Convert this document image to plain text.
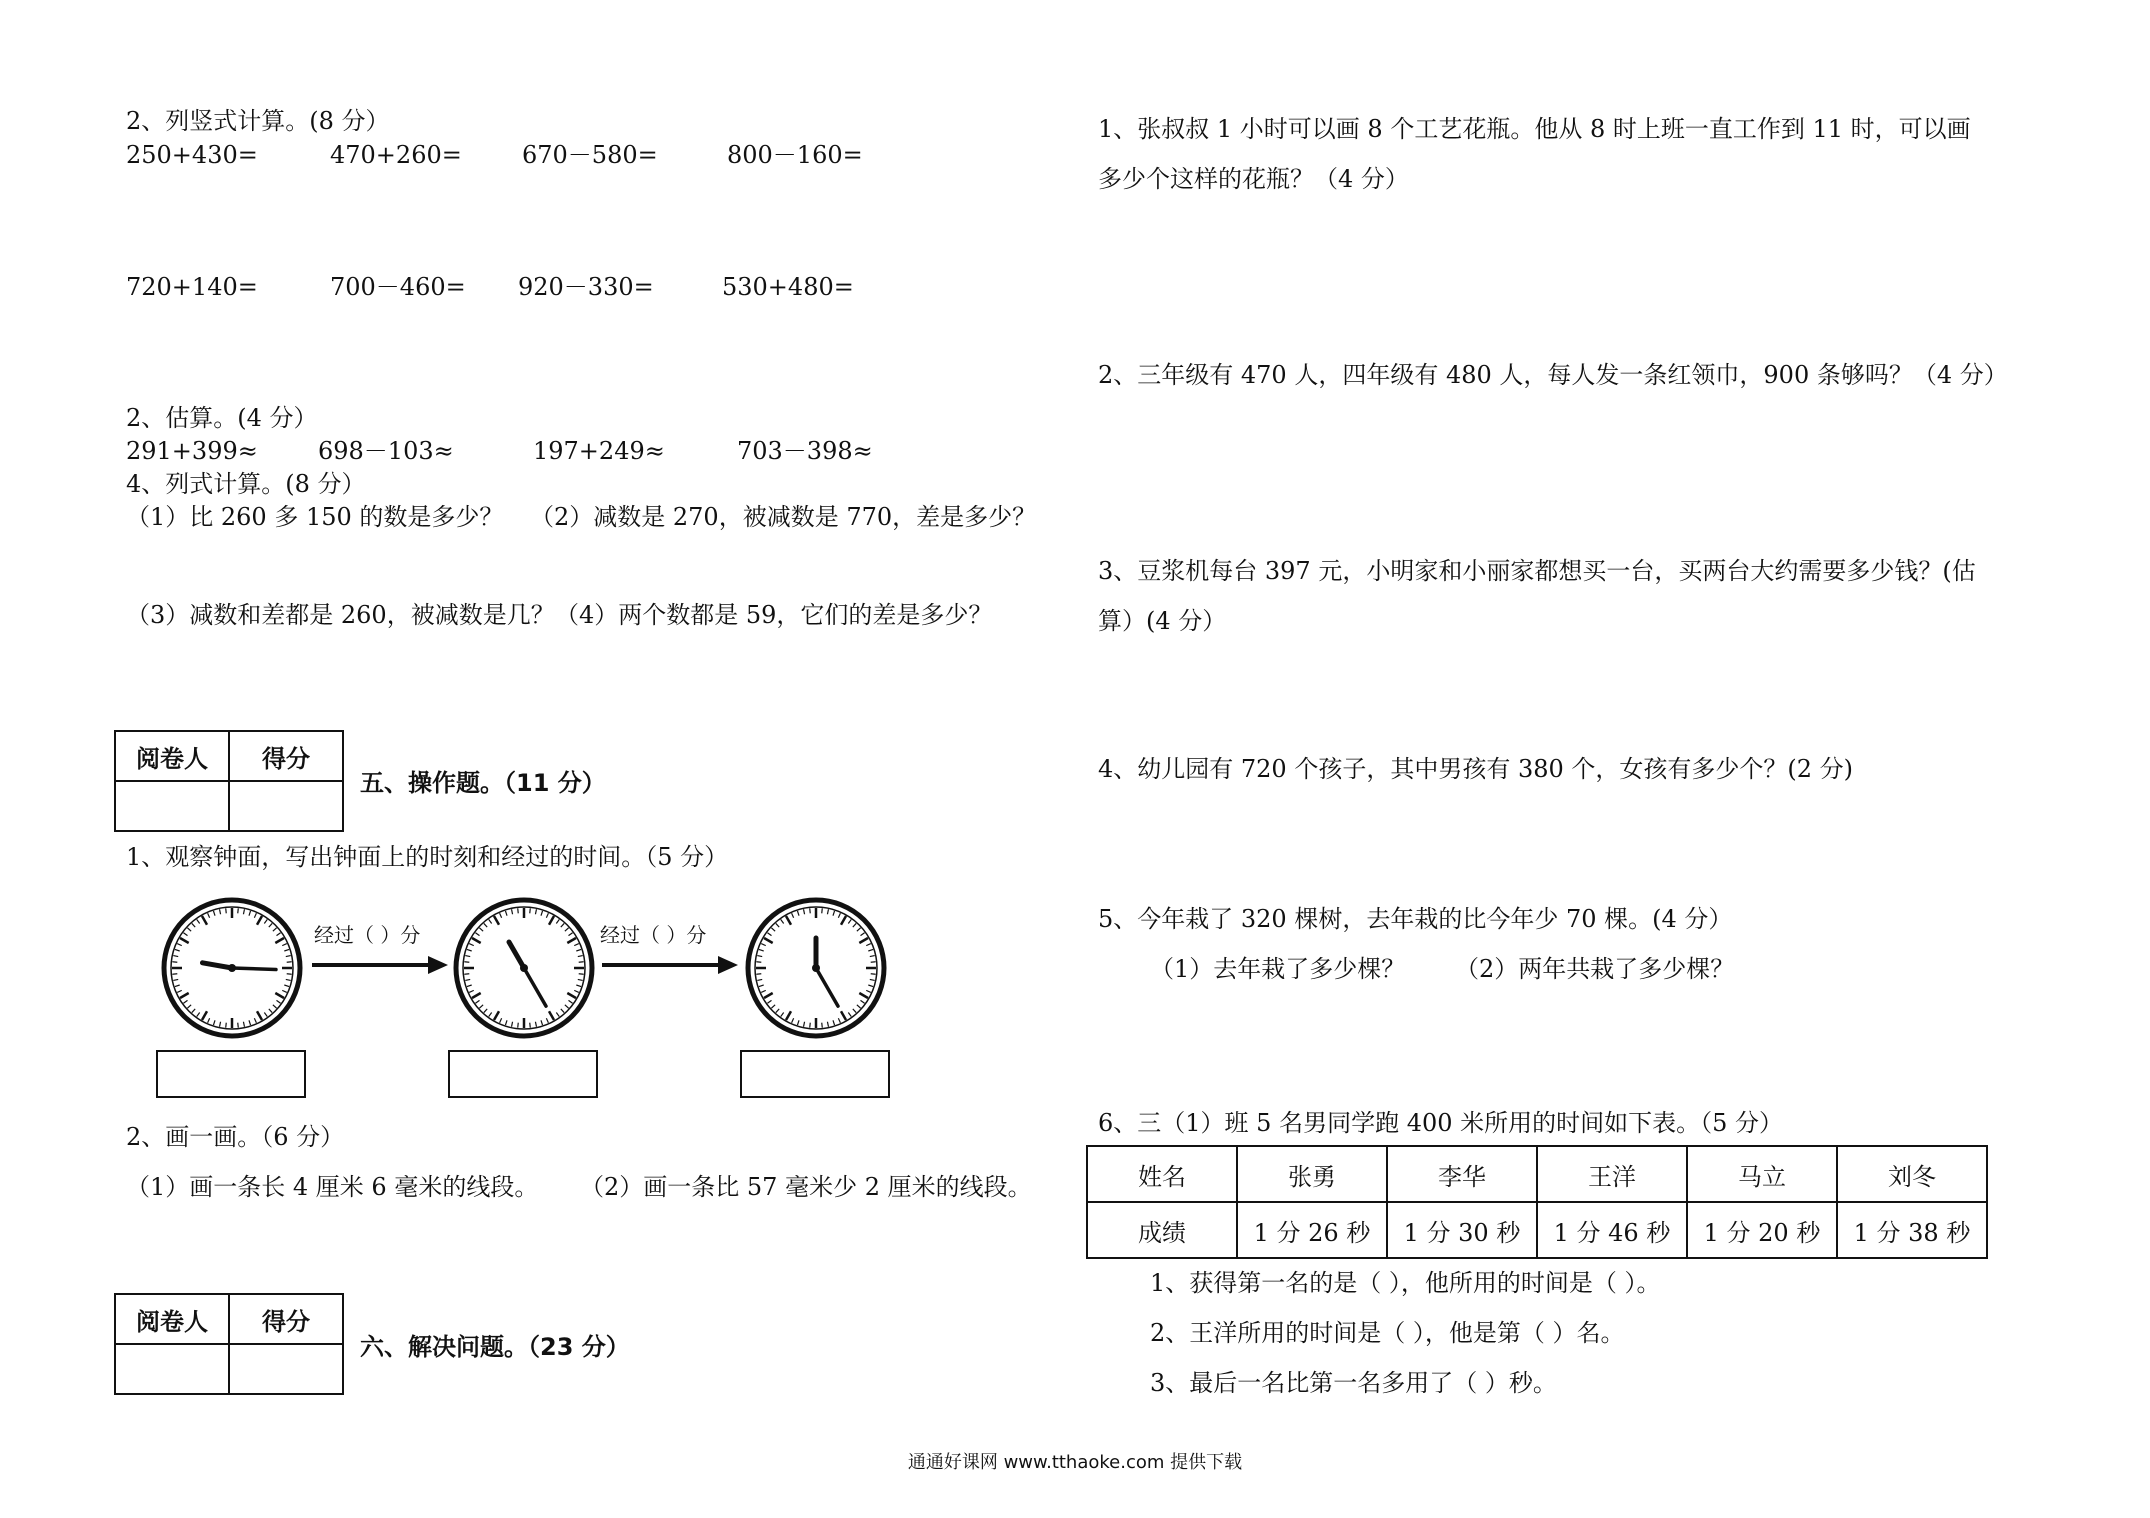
2、列竖式计算。(8 分）
250+430=	470+260=	670－580=	800－160=
720+140=	700－460= 920－330=	530+480=
2、估算。(4 分）
291+399≈	698－103≈	197+249≈	703－398≈
4、列式计算。(8 分）
（1）比 260 多 150 的数是多少？ （2）减数是 270，被减数是 770，差是多少？
（3）减数和差都是 260，被减数是几？ （4）两个数都是 59，它们的差是多少？
阅卷人	得分

五、操作题。（11 分）
1、观察钟面，写出钟面上的时刻和经过的时间。（5 分）
经过（ ）分	经过（ ）分
2、画一画。（6 分）
（1）画一条长 4 厘米 6 毫米的线段。 （2）画一条比 57 毫米少 2 厘米的线段。
阅卷人	得分

六、解决问题。（23 分）
1、张叔叔 1 小时可以画 8 个工艺花瓶。他从 8 时上班一直工作到 11 时，可以画
多少个这样的花瓶？（4 分）
2、三年级有 470 人，四年级有 480 人，每人发一条红领巾，900 条够吗？（4 分）
3、豆浆机每台 397 元，小明家和小丽家都想买一台，买两台大约需要多少钱？(估
算）(4 分）
4、幼儿园有 720 个孩子，其中男孩有 380 个，女孩有多少个？(2 分)
5、今年栽了 320 棵树，去年栽的比今年少 70 棵。(4 分）
（1）去年栽了多少棵？ （2）两年共栽了多少棵？
6、三（1）班 5 名男同学跑 400 米所用的时间如下表。（5 分）
姓名	张勇	李华	王洋	马立	刘冬
成绩	1 分 26 秒	1 分 30 秒	1 分 46 秒	1 分 20 秒	1 分 38 秒
1、获得第一名的是（ ），他所用的时间是（ ）。
2、王洋所用的时间是（ ），他是第（ ）名。
3、最后一名比第一名多用了（ ）秒。
通通好课网 www.tthaoke.com 提供下载
